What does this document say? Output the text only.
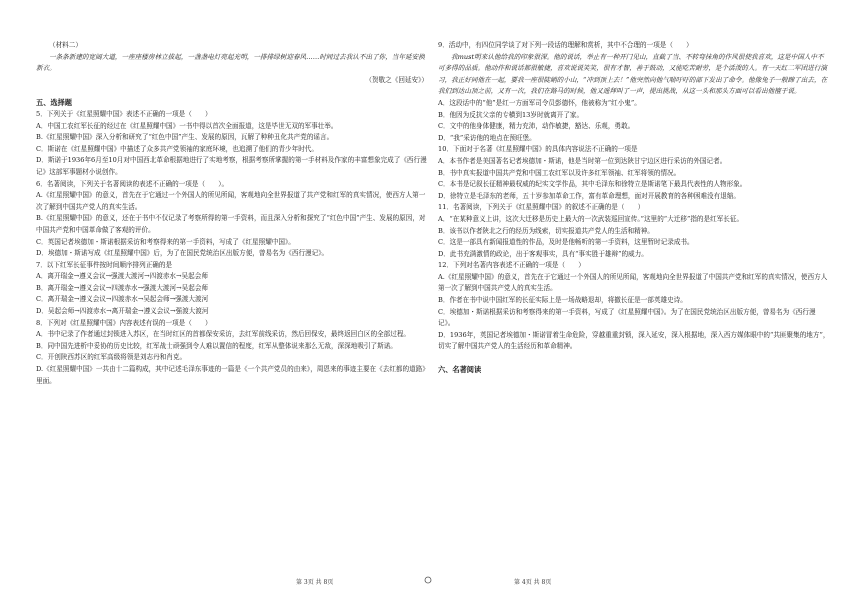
（材料二）

一条条新建的宽阔大道，一座座楼房林立拔起，一盏盏电灯亮起光明，一排排绿树迎春风……时间过去我认不出了你，当年延安换新衣。

（贺敬之《回延安》）

五、选择题

5．下列关于《红星照耀中国》表述不正确的一项是（　　）

A．中国工农红军长征的经过在《红星照耀中国》一书中得以首次全面报道，这是毕世无双的军事壮举。

B.《红星照耀中国》深入分析和研究了“红色中国”产生、发展的原因，瓦解了种种丑化共产党的谣言。

C．斯诺在《红星照耀中国》中描述了众多共产党领袖的家庭环境，也追溯了他们的青少年时代。

D．斯诺于1936年6月至10月对中国西北革命根据地进行了实地考察，根据考察所掌握的第一手材料及作家的丰富想象完成了《西行漫记》这部军事题材小说创作。

6．名著阅读，下列关于名著阅读的表述不正确的一项是（　　）。

A.《红星照耀中国》的意义，首先在于它通过一个外国人的所见所闻，客观地向全世界报道了共产党和红军的真实情况，使西方人第一次了解到中国共产党人的真实生活。

B.《红星照耀中国》的意义，还在于书中不仅记录了考察所得的第一手资料，而且深入分析和探究了“红色中国”产生、发展的原因，对中国共产党和中国革命做了客观的评价。

C．英国记者埃德加・斯诺根据采访和考察得来的第一手资料，写成了《红星照耀中国》。

D．埃德加・斯诺写成《红星照耀中国》后，为了在国民党统治区出版方便，曾易名为《西行漫记》。

7．以下红军长征事件按时间顺序排列正确的是

A．离开瑞金→遵义会议→强渡大渡河→四渡赤水→吴起会师

B．离开瑞金→遵义会议→四渡赤水→强渡大渡河→吴起会师

C．离开瑞金→遵义会议→四渡赤水→吴起会师→强渡大渡河

D．吴起会师→四渡赤水→离开瑞金→遵义会议→强渡大渡河

8．下列对《红星照耀中国》内容表述有误的一项是（　　）

A．书中记录了作者通过封锁进入苏区，在当时红区的首都保安采访，去红军前线采访，然后回保安，最终返回白区的全部过程。

B．同中国先进析中妥协的历史比较，红军战士顽强到令人难以置信的程度，红军从整体说来那么无敌，深深地吸引了斯诺。

C．开创陕西苏区的红军高级将领是刘志丹和肖克。

D.《红星照耀中国》一共由十二篇构成，其中记述毛泽东事迹的一篇是《一个共产党员的由来》，周恩来的事迹主要在《去红都的道路》里面。

9．活动中，有四位同学谈了对下列一段话的理解和赏析，其中不合理的一项是（　　）

我must明来认他给我的印象很深。他的说话，举止有一种开门见山，直截了当、不转弯抹角的作风很使我喜欢，这是中国人中不可多得的品质。他动作和说话都很敏捷，喜欢说说笑笑，很有才智，善于鼓动，又能吃苦耐劳，是个活泼的人。有一天红二军团进行演习，我正好同他在一起，要我一座很陡峭的小山，“冲到顶上去！”他突然向他气喘吁吁的部下发出了命令。他像兔子一般蹿了出去，在我们到达山顶之前，又有一次，我们在路马的时候，他又遥拜叫了一声，提出挑战，从这一头和那头方面可以看出他擅于说。

A．这段话中的“他”是红一方面军司令员彭德怀，他被称为“红小鬼”。

B．他因为反抗父亲的专横到13岁时就离开了家。

C．文中的他身体健康，精力充沛，动作敏捷，豁达、乐观，勇敢。

D．“我”采访他的地点在预旺堡。

10．下面对于名著《红星照耀中国》的具体内容说法不正确的一项是

A．本书作者是美国著名记者埃德加・斯诺，他是当时第一位到达陕甘宁边区进行采访的外国记者。

B．书中真实报道中国共产党和中国工农红军以及许多红军领袖、红军将领的情况。

C．本书是记叙长征精神最权威的纪实文学作品，其中毛泽东和徐特立是斯诺笔下最具代表性的人物形象。

D．徐特立是毛泽东的老师，五十岁参加革命工作，富有革命理想，面对开展教育的各种困难没有退缩。

11．名著阅读，下列关于《红星照耀中国》的叙述不正确的是（　　）

A．“在某种意义上讲，这次大迁移是历史上最大的一次武装巡回宣传。”这里的“大迁移”指的是红军长征。

B．该书以作者陕北之行的经历为线索，切实报道共产党人的生活和精神。

C．这是一部具有新闻报道性的作品，及时是他畅听的第一手资料，这里暂时记录成书。

D．此书充满激情的政论，出于客观事实，具有“事实胜于雄辩”的威力。

12．下列对名著内容表述不正确的一项是（　　）

A.《红星照耀中国》的意义，首先在于它通过一个外国人的所见所闻，客观地向全世界报道了中国共产党和红军的真实情况，使西方人第一次了解到中国共产党人的真实生活。

B．作者在书中说中国红军的长征实际上是一场战略退却，将撤长征是一部英雄史诗。

C．埃德加・斯诺根据采访和考察得来的第一手资料，写成了《红星照耀中国》。为了在国民党统治区出版方便，曾易名为《西行漫记》。

D．1936年，英国记者埃德加・斯诺冒着生命危险，穿越重重封锁，深入延安，深入根据地，深入西方媒体眼中的“共匪聚集的地方”，切实了解中国共产党人的生活经历和革命精神。

六、名著阅读

第 3页 共 8页	第 4页 共 8页
